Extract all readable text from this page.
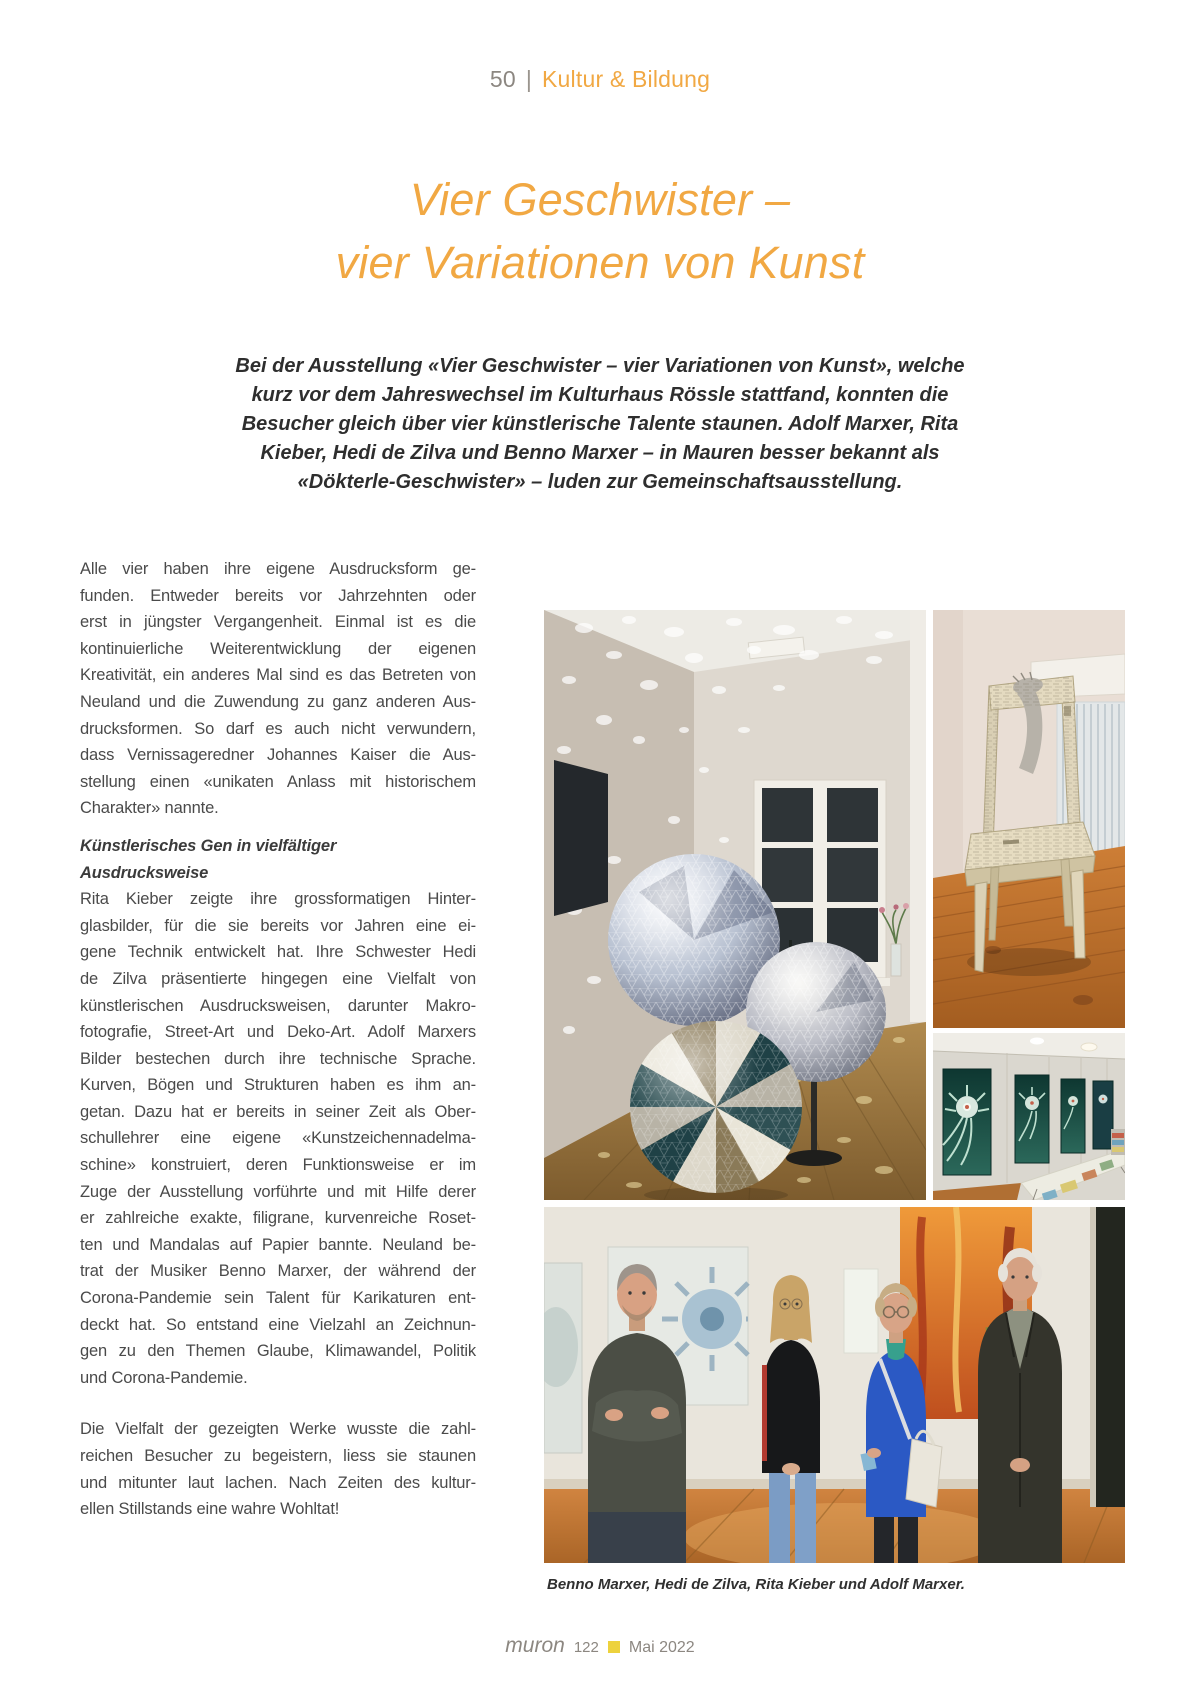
50 | Kultur & Bildung
Vier Geschwister –
vier Variationen von Kunst
Bei der Ausstellung «Vier Geschwister – vier Variationen von Kunst», welche
kurz vor dem Jahreswechsel im Kulturhaus Rössle stattfand, konnten die
Besucher gleich über vier künstlerische Talente staunen. Adolf Marxer, Rita
Kieber, Hedi de Zilva und Benno Marxer – in Mauren besser bekannt als
«Dökterle-Geschwister» – luden zur Gemeinschaftsausstellung.
Alle vier haben ihre eigene Ausdrucksform ge-
funden. Entweder bereits vor Jahrzehnten oder
erst in jüngster Vergangenheit. Einmal ist es die
kontinuierliche Weiterentwicklung der eigenen
Kreativität, ein anderes Mal sind es das Betreten von
Neuland und die Zuwendung zu ganz anderen Aus-
drucksformen. So darf es auch nicht verwundern,
dass Vernissageredner Johannes Kaiser die Aus-
stellung einen «unikaten Anlass mit historischem
Charakter» nannte.
Künstlerisches Gen in vielfältiger
Ausdrucksweise
Rita Kieber zeigte ihre grossformatigen Hinter-
glasbilder, für die sie bereits vor Jahren eine ei-
gene Technik entwickelt hat. Ihre Schwester Hedi
de Zilva präsentierte hingegen eine Vielfalt von
künstlerischen Ausdrucksweisen, darunter Makro-
fotografie, Street-Art und Deko-Art. Adolf Marxers
Bilder bestechen durch ihre technische Sprache.
Kurven, Bögen und Strukturen haben es ihm an-
getan. Dazu hat er bereits in seiner Zeit als Ober-
schullehrer eine eigene «Kunstzeichennadelma-
schine» konstruiert, deren Funktionsweise er im
Zuge der Ausstellung vorführte und mit Hilfe derer
er zahlreiche exakte, filigrane, kurvenreiche Roset-
ten und Mandalas auf Papier bannte. Neuland be-
trat der Musiker Benno Marxer, der während der
Corona-Pandemie sein Talent für Karikaturen ent-
deckt hat. So entstand eine Vielzahl an Zeichnun-
gen zu den Themen Glaube, Klimawandel, Politik
und Corona-Pandemie.
Die Vielfalt der gezeigten Werke wusste die zahl-
reichen Besucher zu begeistern, liess sie staunen
und mitunter laut lachen. Nach Zeiten des kultur-
ellen Stillstands eine wahre Wohltat!
Benno Marxer, Hedi de Zilva, Rita Kieber und Adolf Marxer.
muron 122 Mai 2022
